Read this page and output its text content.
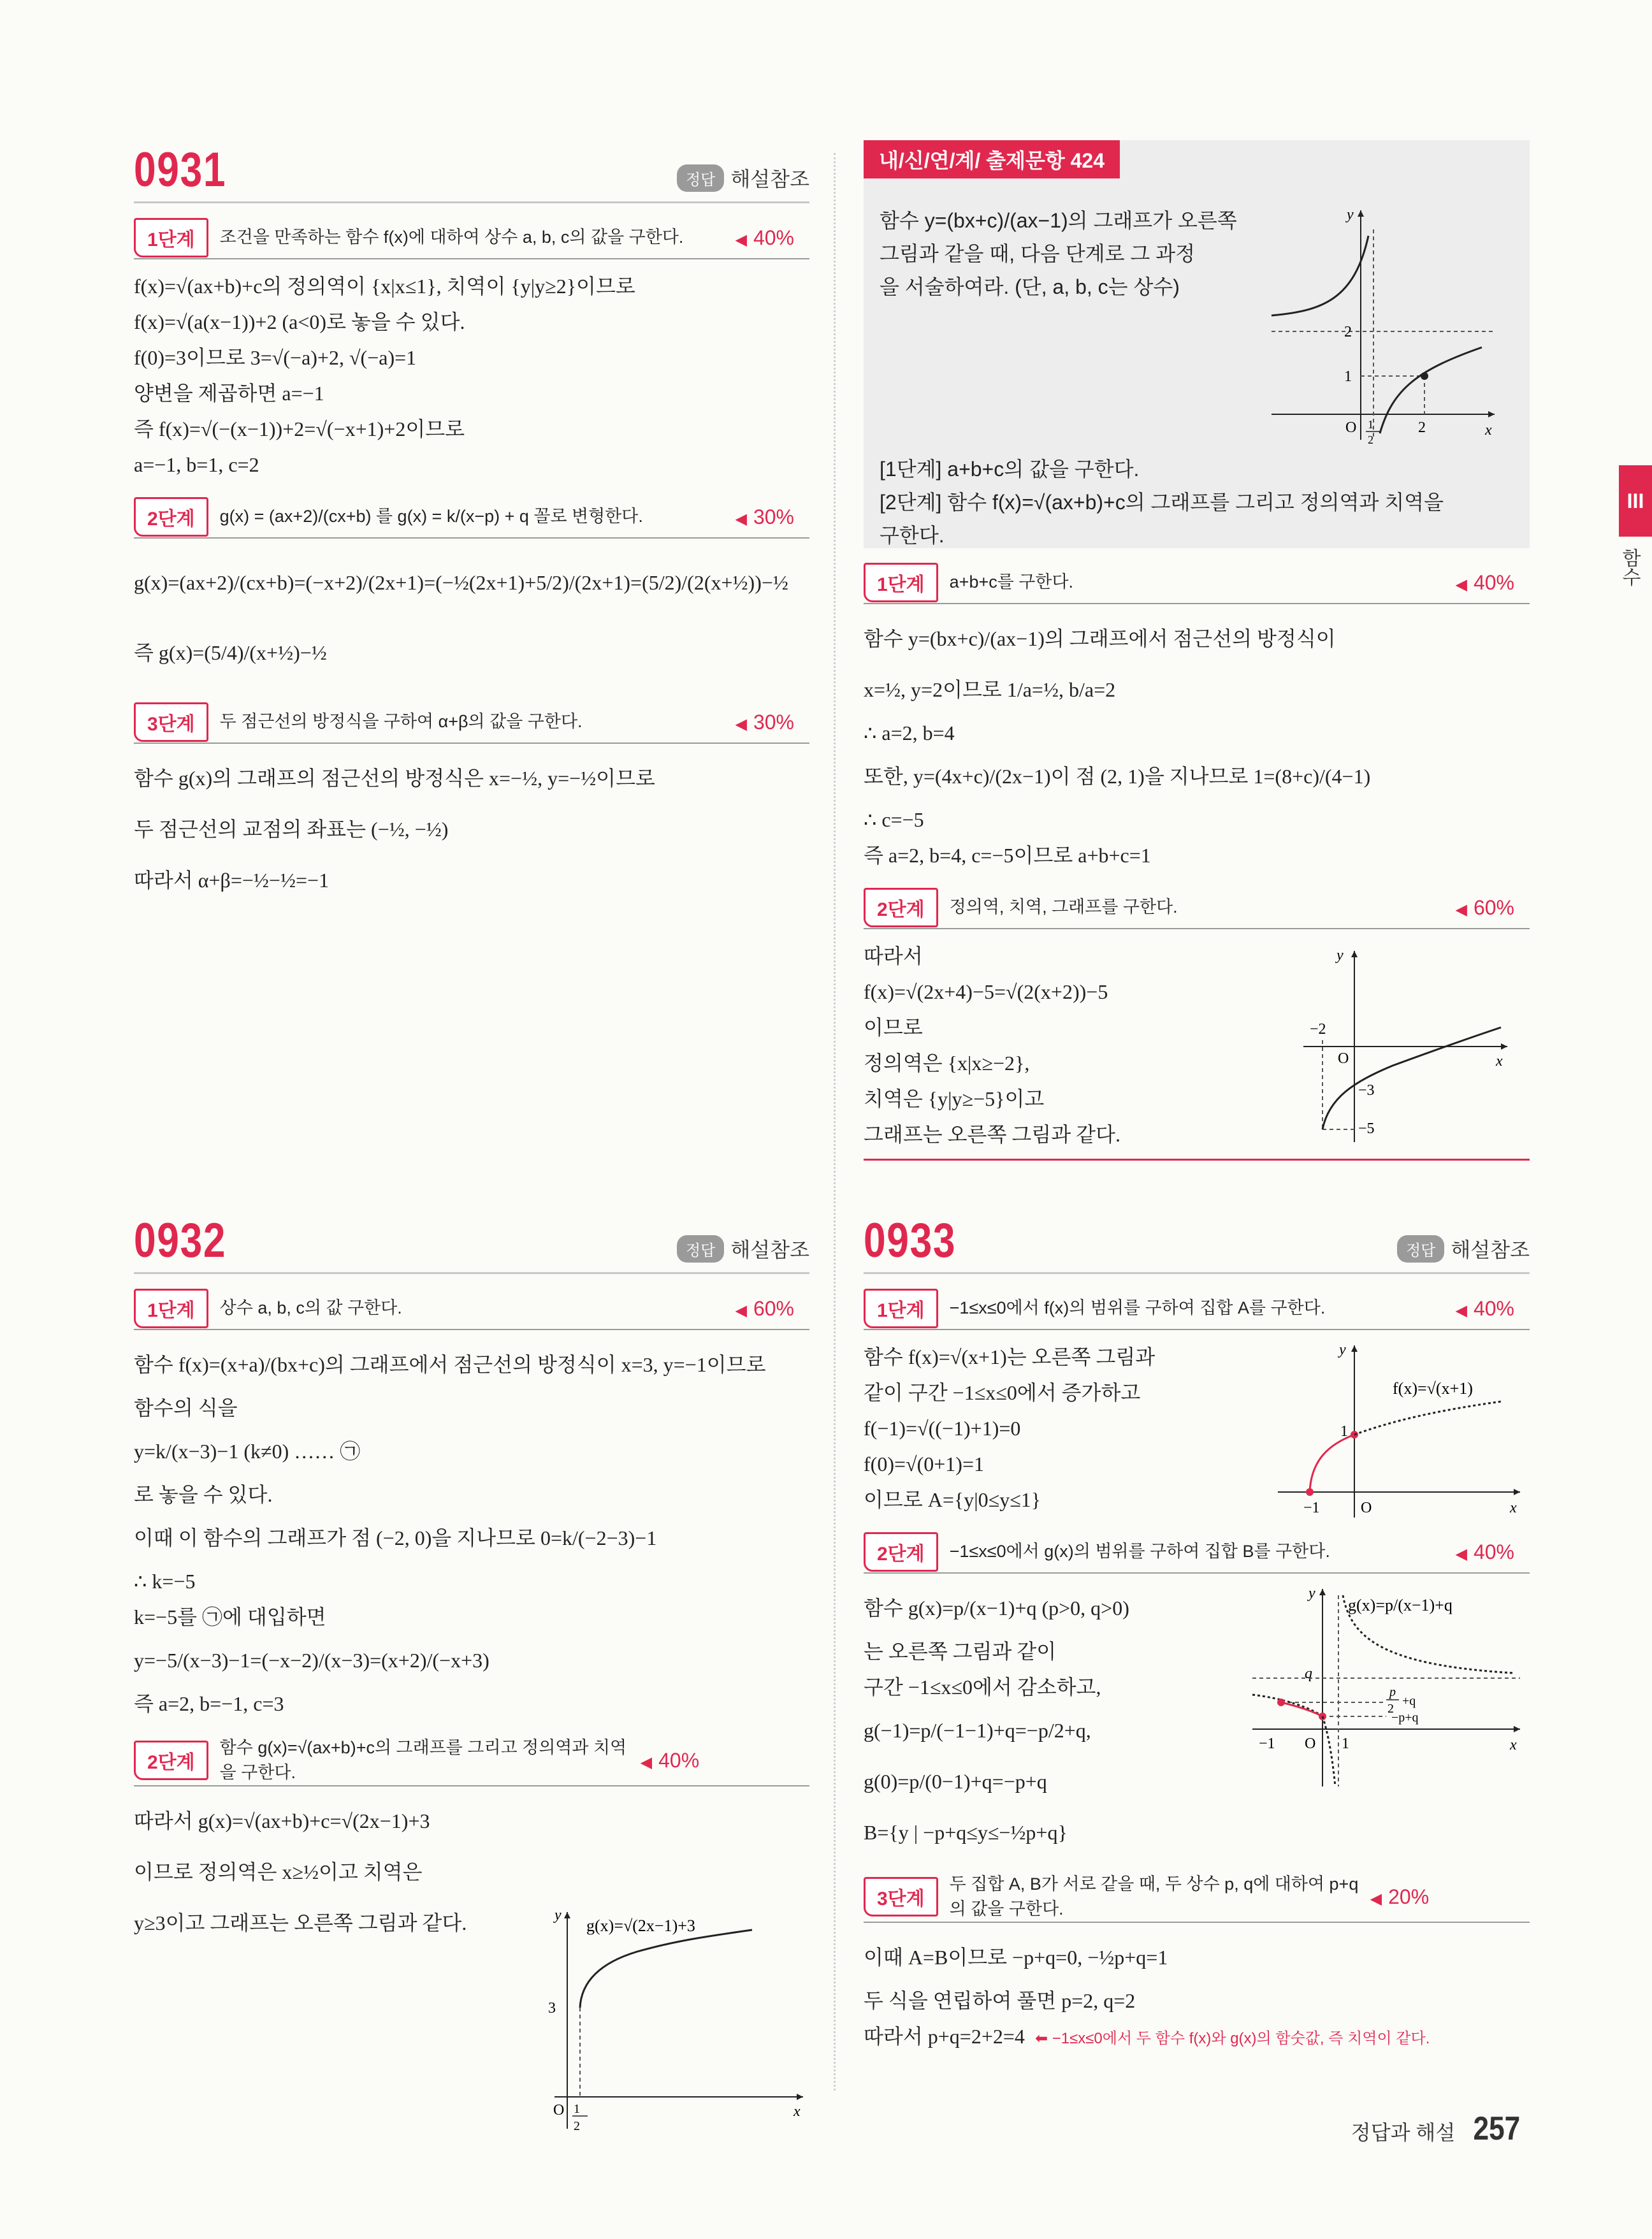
0931	정답 해설참조
1단계	조건을 만족하는 함수 f(x)에 대하여 상수 a, b, c의 값을 구한다.	◀ 40%
f(x)=√(ax+b)+c의 정의역이 {x|x≤1}, 치역이 {y|y≥2}이므로
f(x)=√(a(x−1))+2 (a<0)로 놓을 수 있다.
f(0)=3이므로 3=√(−a)+2, √(−a)=1
양변을 제곱하면 a=−1
즉 f(x)=√(−(x−1))+2=√(−x+1)+2이므로
a=−1, b=1, c=2
2단계	g(x) = (ax+2)/(cx+b) 를 g(x) = k/(x−p) + q 꼴로 변형한다.	◀ 30%
g(x)=(ax+2)/(cx+b)=(−x+2)/(2x+1)=(−½(2x+1)+5/2)/(2x+1)=(5/2)/(2(x+½))−½
즉 g(x)=(5/4)/(x+½)−½
3단계	두 점근선의 방정식을 구하여 α+β의 값을 구한다.	◀ 30%
함수 g(x)의 그래프의 점근선의 방정식은 x=−½, y=−½이므로
두 점근선의 교점의 좌표는 (−½, −½)
따라서 α+β=−½−½=−1
0932	정답 해설참조
1단계	상수 a, b, c의 값 구한다.	◀ 60%
함수 f(x)=(x+a)/(bx+c)의 그래프에서 점근선의 방정식이 x=3, y=−1이므로
함수의 식을
y=k/(x−3)−1 (k≠0) …… ㉠
로 놓을 수 있다.
이때 이 함수의 그래프가 점 (−2, 0)을 지나므로 0=k/(−2−3)−1
∴ k=−5
k=−5를 ㉠에 대입하면
y=−5/(x−3)−1=(−x−2)/(x−3)=(x+2)/(−x+3)
즉 a=2, b=−1, c=3
2단계
함수 g(x)=√(ax+b)+c의 그래프를 그리고 정의역과 치역을 구한다.
◀ 40%
따라서 g(x)=√(ax+b)+c=√(2x−1)+3
이므로 정의역은 x≥½이고 치역은
y≥3이고 그래프는 오른쪽 그림과 같다.	y
x
O
3
1
2
g(x)=√(2x−1)+3
내/신/연/계/ 출제문항 424
함수 y=(bx+c)/(ax−1)의 그래프가 오른쪽
그림과 같을 때, 다음 단계로 그 과정
을 서술하여라. (단, a, b, c는 상수)
y
x
O
2
1
2
1
2
[1단계] a+b+c의 값을 구한다.
[2단계] 함수 f(x)=√(ax+b)+c의 그래프를 그리고 정의역과 치역을
구한다.
1단계	a+b+c를 구한다.	◀ 40%
함수 y=(bx+c)/(ax−1)의 그래프에서 점근선의 방정식이
x=½, y=2이므로 1/a=½, b/a=2
∴ a=2, b=4
또한, y=(4x+c)/(2x−1)이 점 (2, 1)을 지나므로 1=(8+c)/(4−1)
∴ c=−5
즉 a=2, b=4, c=−5이므로 a+b+c=1
2단계	정의역, 치역, 그래프를 구한다.	◀ 60%
따라서
f(x)=√(2x+4)−5=√(2(x+2))−5
이므로
정의역은 {x|x≥−2},
치역은 {y|y≥−5}이고
그래프는 오른쪽 그림과 같다.
y
x
O
−2
−3
−5
0933	정답 해설참조
1단계	−1≤x≤0에서 f(x)의 범위를 구하여 집합 A를 구한다.	◀ 40%
함수 f(x)=√(x+1)는 오른쪽 그림과
같이 구간 −1≤x≤0에서 증가하고
f(−1)=√((−1)+1)=0
f(0)=√(0+1)=1
이므로 A={y|0≤y≤1}
y
x
O
−1
1
f(x)=√(x+1)
2단계	−1≤x≤0에서 g(x)의 범위를 구하여 집합 B를 구한다.	◀ 40%
함수 g(x)=p/(x−1)+q (p>0, q>0)
는 오른쪽 그림과 같이
구간 −1≤x≤0에서 감소하고,
g(−1)=p/(−1−1)+q=−p/2+q,
g(0)=p/(0−1)+q=−p+q
B={y | −p+q≤y≤−½p+q}
y
x
O
−1	1
q
p
2
+q
−p+q
g(x)=p/(x−1)+q
3단계
두 집합 A, B가 서로 같을 때, 두 상수 p, q에 대하여 p+q의 값을 구한다.
◀ 20%
이때 A=B이므로 −p+q=0, −½p+q=1
두 식을 연립하여 풀면 p=2, q=2
따라서 p+q=2+2=4 ⬅ −1≤x≤0에서 두 함수 f(x)와 g(x)의 함숫값, 즉 치역이 같다.
III
함수
정답과 해설 257
